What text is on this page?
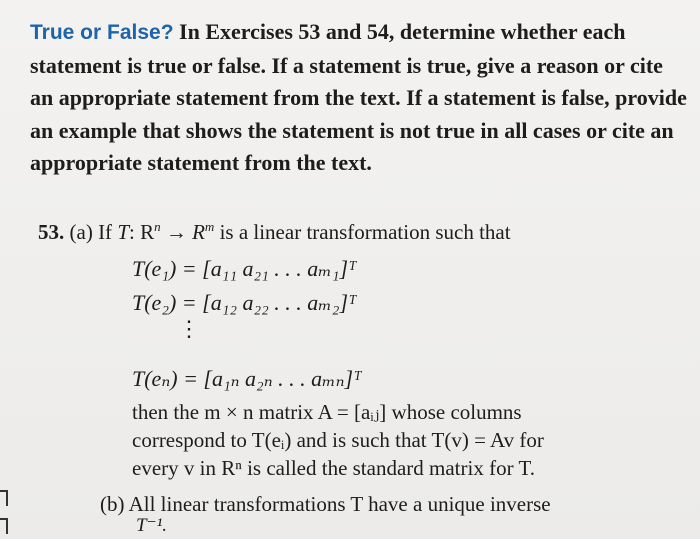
True or False? In Exercises 53 and 54, determine whether each statement is true or false. If a statement is true, give a reason or cite an appropriate statement from the text. If a statement is false, provide an example that shows the statement is not true in all cases or cite an appropriate statement from the text.
53. (a) If T: $R^n \to R^m$ is a linear transformation such that
T(e₁) = [a₁₁ a₂₁ . . . aₘ₁]ᵀ
T(e₂) = [a₁₂ a₂₂ . . . aₘ₂]ᵀ
⋮
T(eₙ) = [a₁ₙ a₂ₙ . . . aₘₙ]ᵀ
then the m × n matrix A = [aᵢⱼ] whose columns
correspond to T(eᵢ) and is such that T(v) = Av for
every v in Rⁿ is called the standard matrix for T.
(b) All linear transformations T have a unique inverse
T⁻¹.
